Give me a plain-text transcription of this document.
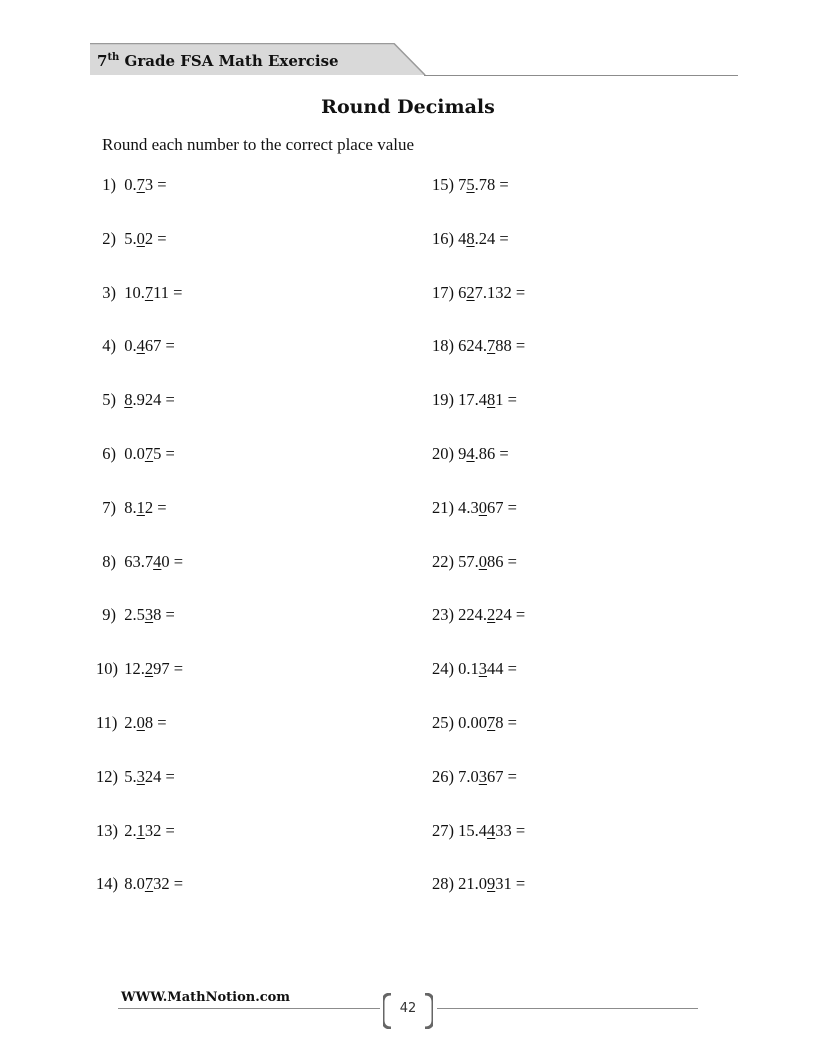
7th Grade FSA Math Exercise
Round Decimals
Round each number to the correct place value
1) 0.73 =
2) 5.02 =
3) 10.711 =
4) 0.467 =
5) 8.924 =
6) 0.075 =
7) 8.12 =
8) 63.740 =
9) 2.538 =
10) 12.297 =
11) 2.08 =
12) 5.324 =
13) 2.132 =
14) 8.0732 =
15) 75.78 =
16) 48.24 =
17) 627.132 =
18) 624.788 =
19) 17.481 =
20) 94.86 =
21) 4.3067 =
22) 57.086 =
23) 224.224 =
24) 0.1344 =
25) 0.0078 =
26) 7.0367 =
27) 15.4433 =
28) 21.0931 =
WWW.MathNotion.com
42
